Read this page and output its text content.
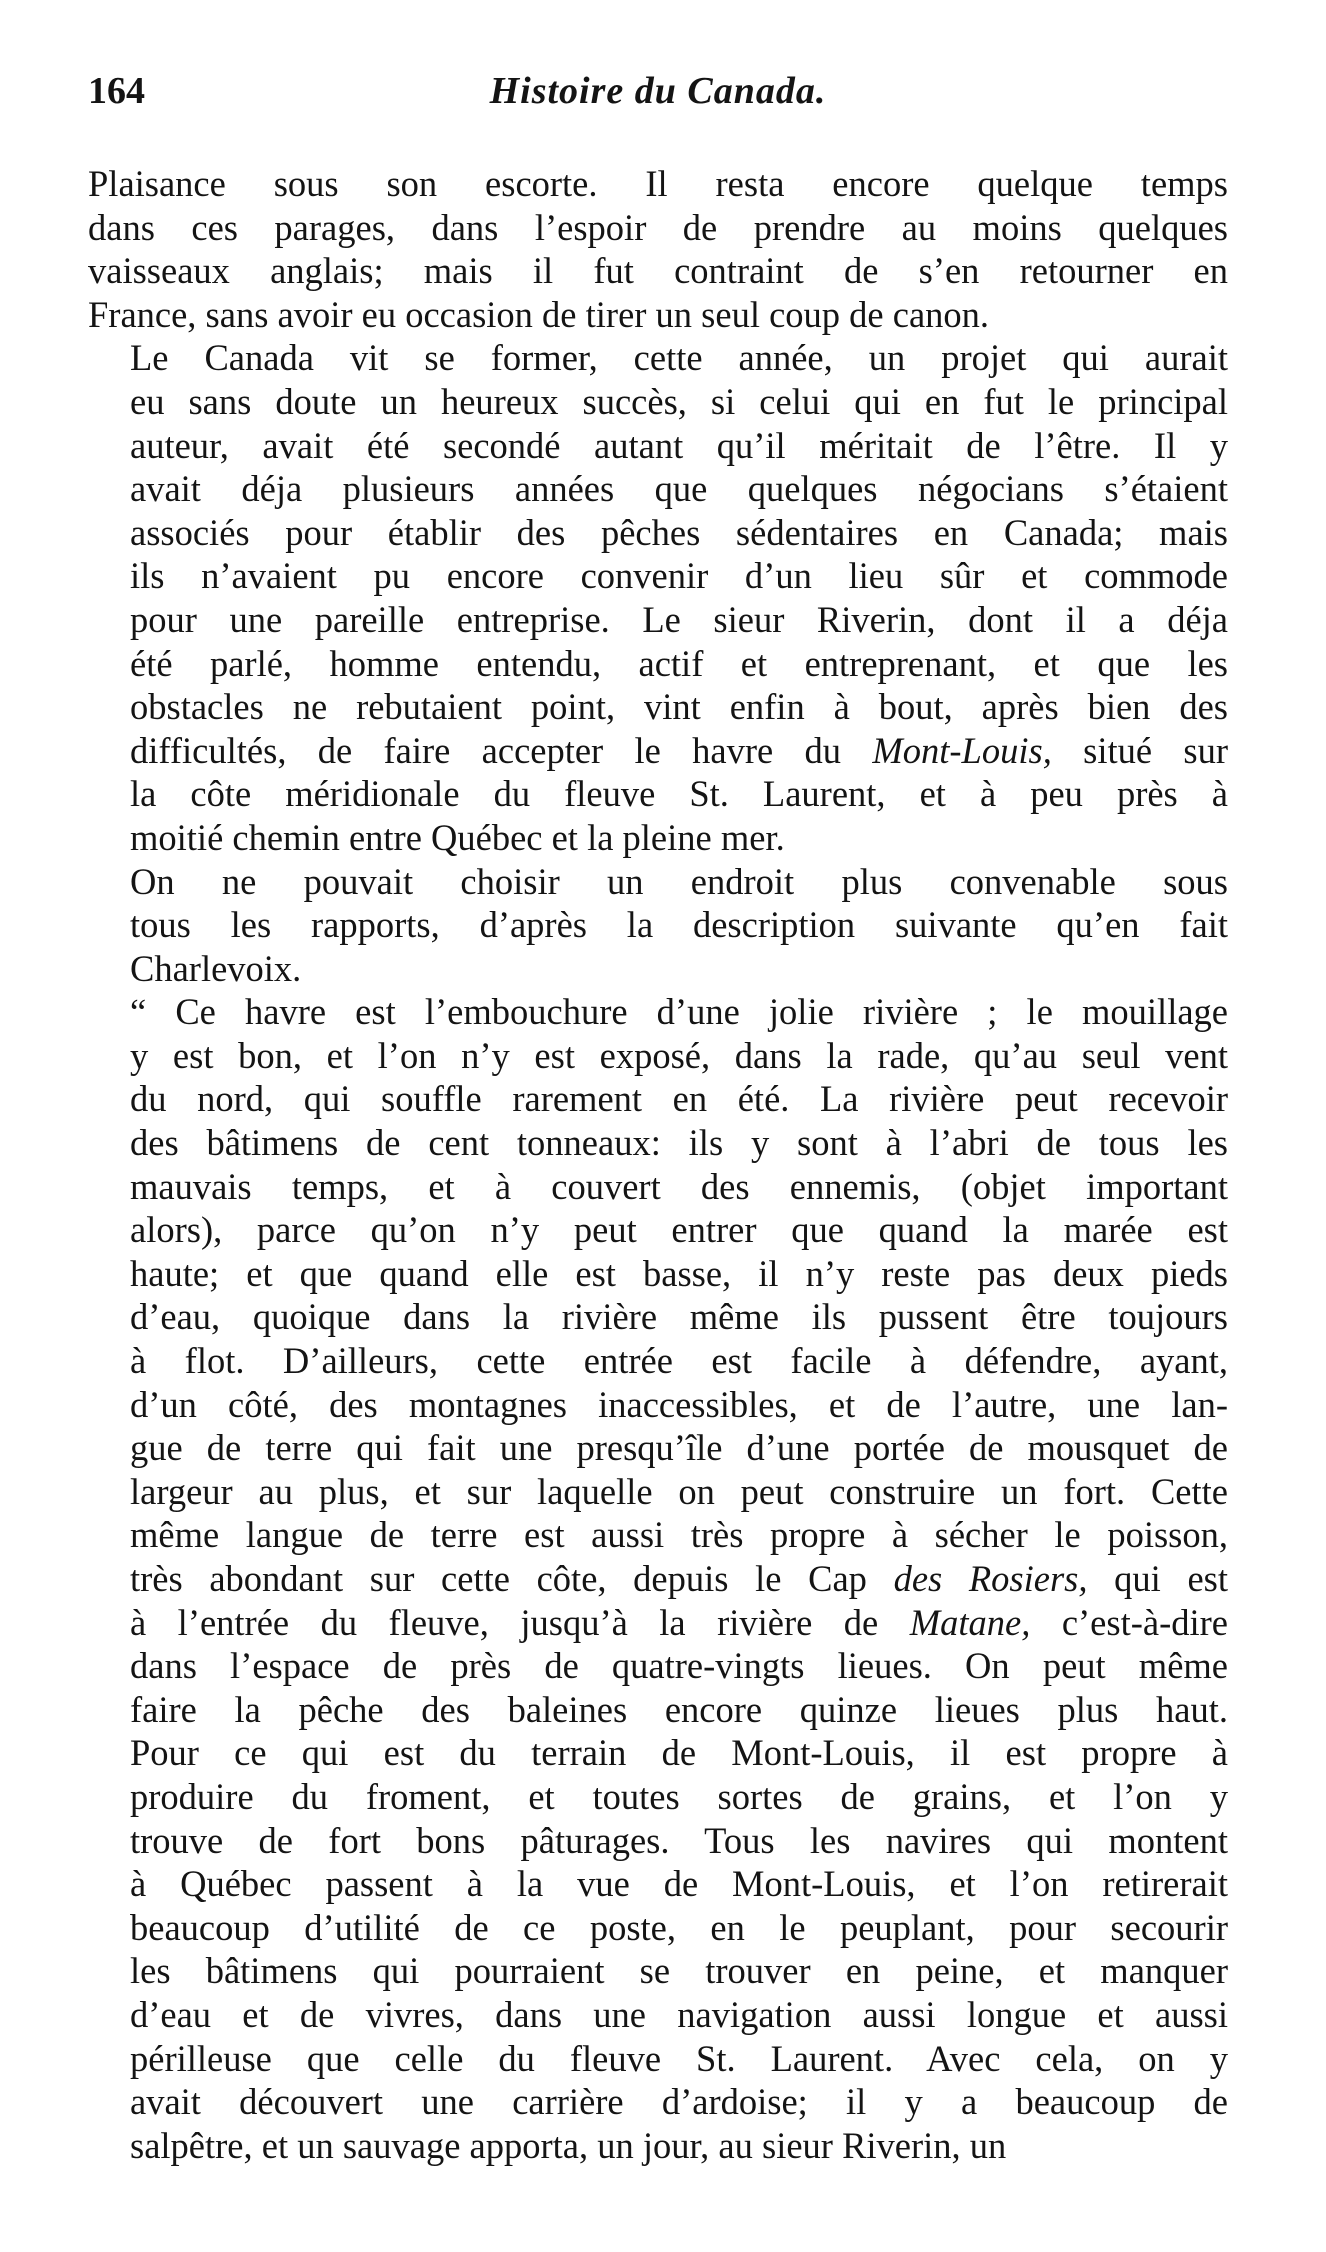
164	Histoire du Canada.

Plaisance sous son escorte. Il resta encore quelque temps
dans ces parages, dans l’espoir de prendre au moins quelques
vaisseaux anglais; mais il fut contraint de s’en retourner en
France, sans avoir eu occasion de tirer un seul coup de canon.

Le Canada vit se former, cette année, un projet qui aurait
eu sans doute un heureux succès, si celui qui en fut le principal
auteur, avait été secondé autant qu’il méritait de l’être. Il y
avait déja plusieurs années que quelques négocians s’étaient
associés pour établir des pêches sédentaires en Canada; mais
ils n’avaient pu encore convenir d’un lieu sûr et commode
pour une pareille entreprise. Le sieur Riverin, dont il a déja
été parlé, homme entendu, actif et entreprenant, et que les
obstacles ne rebutaient point, vint enfin à bout, après bien des
difficultés, de faire accepter le havre du Mont-Louis, situé sur
la côte méridionale du fleuve St. Laurent, et à peu près à
moitié chemin entre Québec et la pleine mer.

On ne pouvait choisir un endroit plus convenable sous
tous les rapports, d’après la description suivante qu’en fait
Charlevoix.

“ Ce havre est l’embouchure d’une jolie rivière ; le mouillage
y est bon, et l’on n’y est exposé, dans la rade, qu’au seul vent
du nord, qui souffle rarement en été. La rivière peut recevoir
des bâtimens de cent tonneaux: ils y sont à l’abri de tous les
mauvais temps, et à couvert des ennemis, (objet important
alors), parce qu’on n’y peut entrer que quand la marée est
haute; et que quand elle est basse, il n’y reste pas deux pieds
d’eau, quoique dans la rivière même ils pussent être toujours
à flot. D’ailleurs, cette entrée est facile à défendre, ayant,
d’un côté, des montagnes inaccessibles, et de l’autre, une lan-
gue de terre qui fait une presqu’île d’une portée de mousquet de
largeur au plus, et sur laquelle on peut construire un fort. Cette
même langue de terre est aussi très propre à sécher le poisson,
très abondant sur cette côte, depuis le Cap des Rosiers, qui est
à l’entrée du fleuve, jusqu’à la rivière de Matane, c’est-à-dire
dans l’espace de près de quatre-vingts lieues. On peut même
faire la pêche des baleines encore quinze lieues plus haut.
Pour ce qui est du terrain de Mont-Louis, il est propre à
produire du froment, et toutes sortes de grains, et l’on y
trouve de fort bons pâturages. Tous les navires qui montent
à Québec passent à la vue de Mont-Louis, et l’on retirerait
beaucoup d’utilité de ce poste, en le peuplant, pour secourir
les bâtimens qui pourraient se trouver en peine, et manquer
d’eau et de vivres, dans une navigation aussi longue et aussi
périlleuse que celle du fleuve St. Laurent. Avec cela, on y
avait découvert une carrière d’ardoise; il y a beaucoup de
salpêtre, et un sauvage apporta, un jour, au sieur Riverin, un
